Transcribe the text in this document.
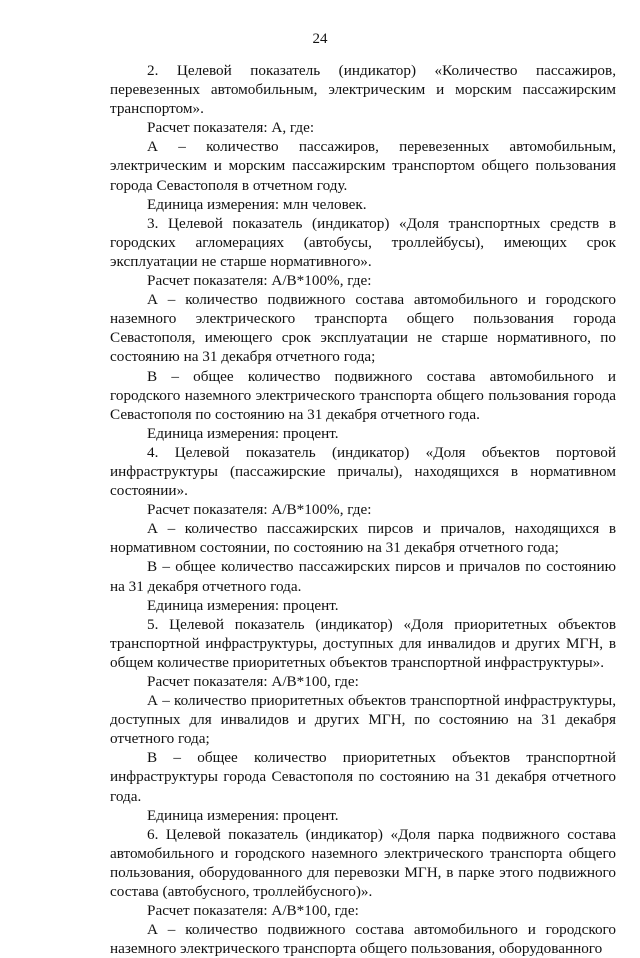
24

2. Целевой показатель (индикатор) «Количество пассажиров, перевезенных автомобильным, электрическим и морским пассажирским транспортом».

Расчет показателя: А, где:

А – количество пассажиров, перевезенных автомобильным, электрическим и морским пассажирским транспортом общего пользования города Севастополя в отчетном году.

Единица измерения: млн человек.

3. Целевой показатель (индикатор) «Доля транспортных средств в городских агломерациях (автобусы, троллейбусы), имеющих срок эксплуатации не старше нормативного».

Расчет показателя: А/В*100%, где:

А – количество подвижного состава автомобильного и городского наземного электрического транспорта общего пользования города Севастополя, имеющего срок эксплуатации не старше нормативного, по состоянию на 31 декабря отчетного года;

В – общее количество подвижного состава автомобильного и городского наземного электрического транспорта общего пользования города Севастополя по состоянию на 31 декабря отчетного года.

Единица измерения: процент.

4. Целевой показатель (индикатор) «Доля объектов портовой инфраструктуры (пассажирские причалы), находящихся в нормативном состоянии».

Расчет показателя: А/В*100%, где:

А – количество пассажирских пирсов и причалов, находящихся в нормативном состоянии, по состоянию на 31 декабря отчетного года;

В – общее количество пассажирских пирсов и причалов по состоянию на 31 декабря отчетного года.

Единица измерения: процент.

5. Целевой показатель (индикатор) «Доля приоритетных объектов транспортной инфраструктуры, доступных для инвалидов и других МГН, в общем количестве приоритетных объектов транспортной инфраструктуры».

Расчет показателя: А/В*100, где:

А – количество приоритетных объектов транспортной инфраструктуры, доступных для инвалидов и других МГН, по состоянию на 31 декабря отчетного года;

В – общее количество приоритетных объектов транспортной инфраструктуры города Севастополя по состоянию на 31 декабря отчетного года.

Единица измерения: процент.

6. Целевой показатель (индикатор) «Доля парка подвижного состава автомобильного и городского наземного электрического транспорта общего пользования, оборудованного для перевозки МГН, в парке этого подвижного состава (автобусного, троллейбусного)».

Расчет показателя: А/В*100, где:

А – количество подвижного состава автомобильного и городского наземного электрического транспорта общего пользования, оборудованного
